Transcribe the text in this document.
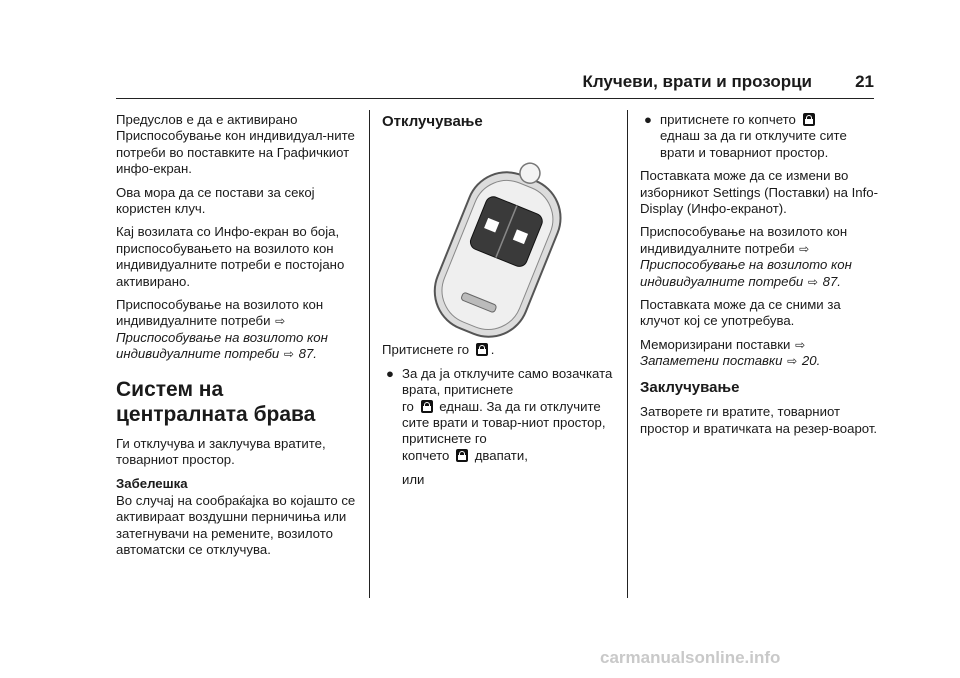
Клучеви, врати и прозорци	21

Предуслов е да е активирано Приспособување кон индивидуал-ните потреби во поставките на Графичкиот инфо-екран.

Ова мора да се постави за секој користен клуч.

Кај возилата со Инфо-екран во боја, приспособувањето на возилото кон индивидуалните потреби е постојано активирано.

Приспособување на возилото кон индивидуалните потреби ⇨
Приспособување на возилото кон индивидуалните потреби ⇨ 87.

Систем на централната брава

Ги отклучува и заклучува вратите, товарниот простор.

Забелешка

Во случај на сообраќајка во којашто се активираат воздушни перничиња или затегнувачи на ремените, возилото автоматски се отклучува.

Отклучување

Притиснете го .

● За да ја отклучите само возачката врата, притиснете
го еднаш. За да ги отклучите сите врати и товар-ниот простор, притиснете го
копчето двапати,
или
● притиснете го копчето
еднаш за да ги отклучите сите врати и товарниот простор.

Поставката може да се измени во изборникот Settings (Поставки) на Info-Display (Инфо-екранот).

Приспособување на возилото кон индивидуалните потреби ⇨
Приспособување на возилото кон индивидуалните потреби ⇨ 87.

Поставката може да се сними за клучот кој се употребува.

Меморизирани поставки ⇨
Запаметени поставки ⇨ 20.

Заклучување

Затворете ги вратите, товарниот простор и вратичката на резер-воарот.

carmanualsonline.info
